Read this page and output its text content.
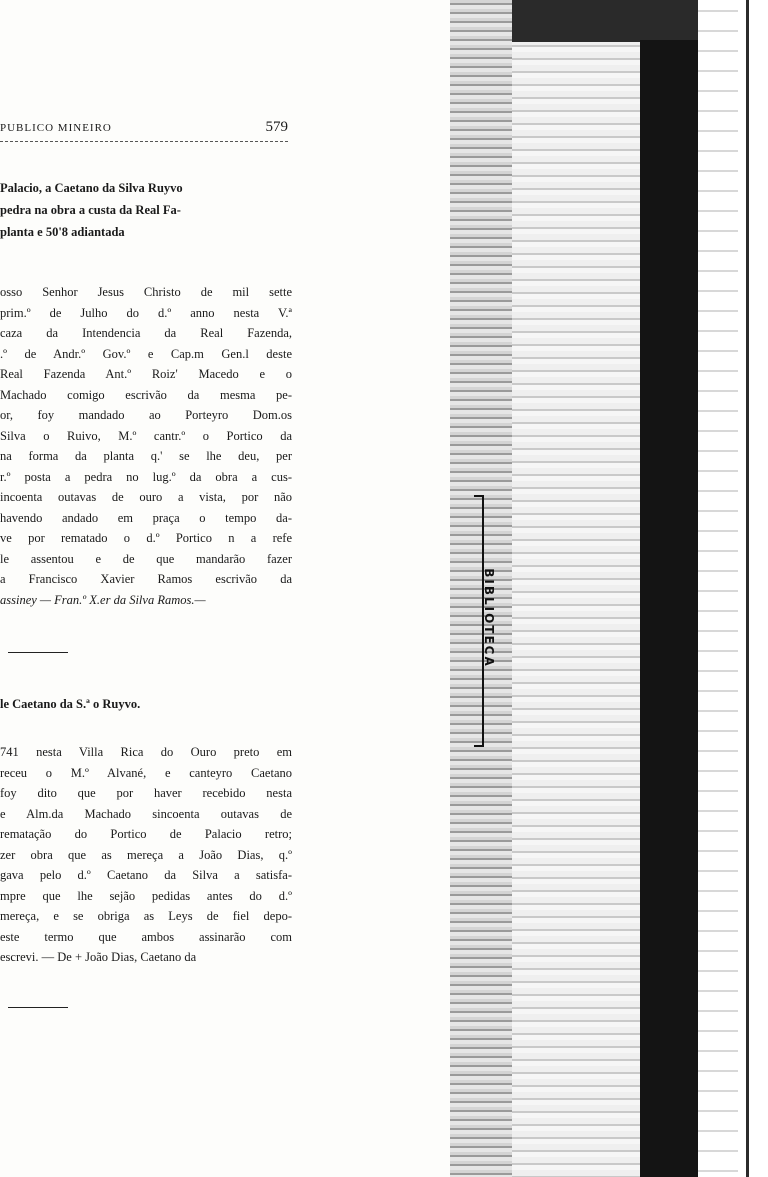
PUBLICO MINEIRO	579
Palacio, a Caetano da Silva Ruyvo
pedra na obra a custa da Real Fa-
planta e 50'8 adiantada
osso Senhor Jesus Christo de mil sette
prim.º de Julho do d.º anno nesta V.ª
caza da Intendencia da Real Fazenda,
.º de Andr.º Gov.º e Cap.m Gen.l deste
Real Fazenda Ant.º Roiz' Macedo e o
Machado comigo escrivão da mesma pe-
or, foy mandado ao Porteyro Dom.os
Silva o Ruivo, M.º cantr.º o Portico da
na forma da planta q.' se lhe deu, per
r.º posta a pedra no lug.º da obra a cus-
incoenta outavas de ouro a vista, por não
havendo andado em praça o tempo da-
ve por rematado o d.º Portico n a refe
le assentou e de que mandarão fazer
a Francisco Xavier Ramos escrivão da
assiney — Fran.º X.er da Silva Ramos.—
le Caetano da S.ª o Ruyvo.
741 nesta Villa Rica do Ouro preto em
receu o M.º Alvané, e canteyro Caetano
foy dito que por haver recebido nesta
e Alm.da Machado sincoenta outavas de
rematação do Portico de Palacio retro;
zer obra que as mereça a João Dias, q.º
gava pelo d.º Caetano da Silva a satisfa-
mpre que lhe sejão pedidas antes do d.º
mereça, e se obriga as Leys de fiel depo-
este termo que ambos assinarão com
escrevi. — De + João Dias, Caetano da
BIBLIOTECA
